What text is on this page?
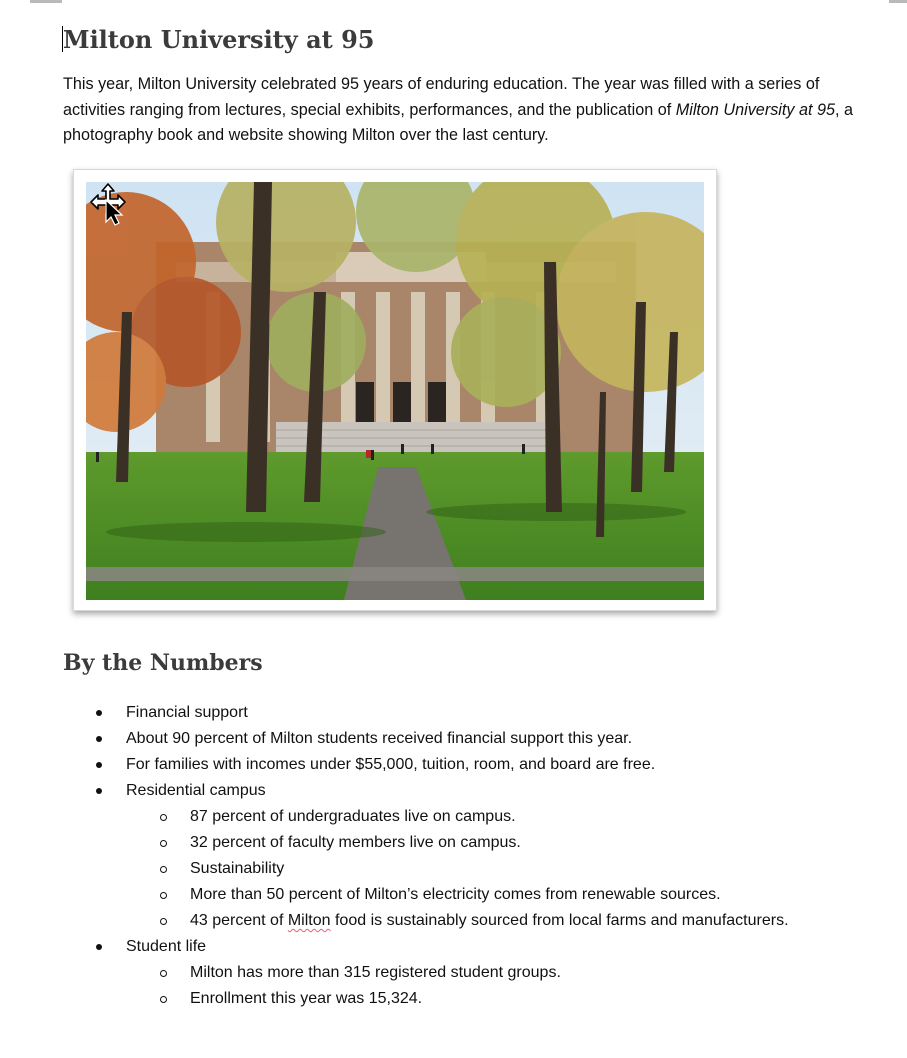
Milton University at 95

This year, Milton University celebrated 95 years of enduring education. The year was filled with a series of activities ranging from lectures, special exhibits, performances, and the publication of Milton University at 95, a photography book and website showing Milton over the last century.

By the Numbers
Financial support
About 90 percent of Milton students received financial support this year.
For families with incomes under $55,000, tuition, room, and board are free.
Residential campus
87 percent of undergraduates live on campus.
32 percent of faculty members live on campus.
Sustainability
More than 50 percent of Milton’s electricity comes from renewable sources.
43 percent of Milton food is sustainably sourced from local farms and manufacturers.
Student life
Milton has more than 315 registered student groups.
Enrollment this year was 15,324.
